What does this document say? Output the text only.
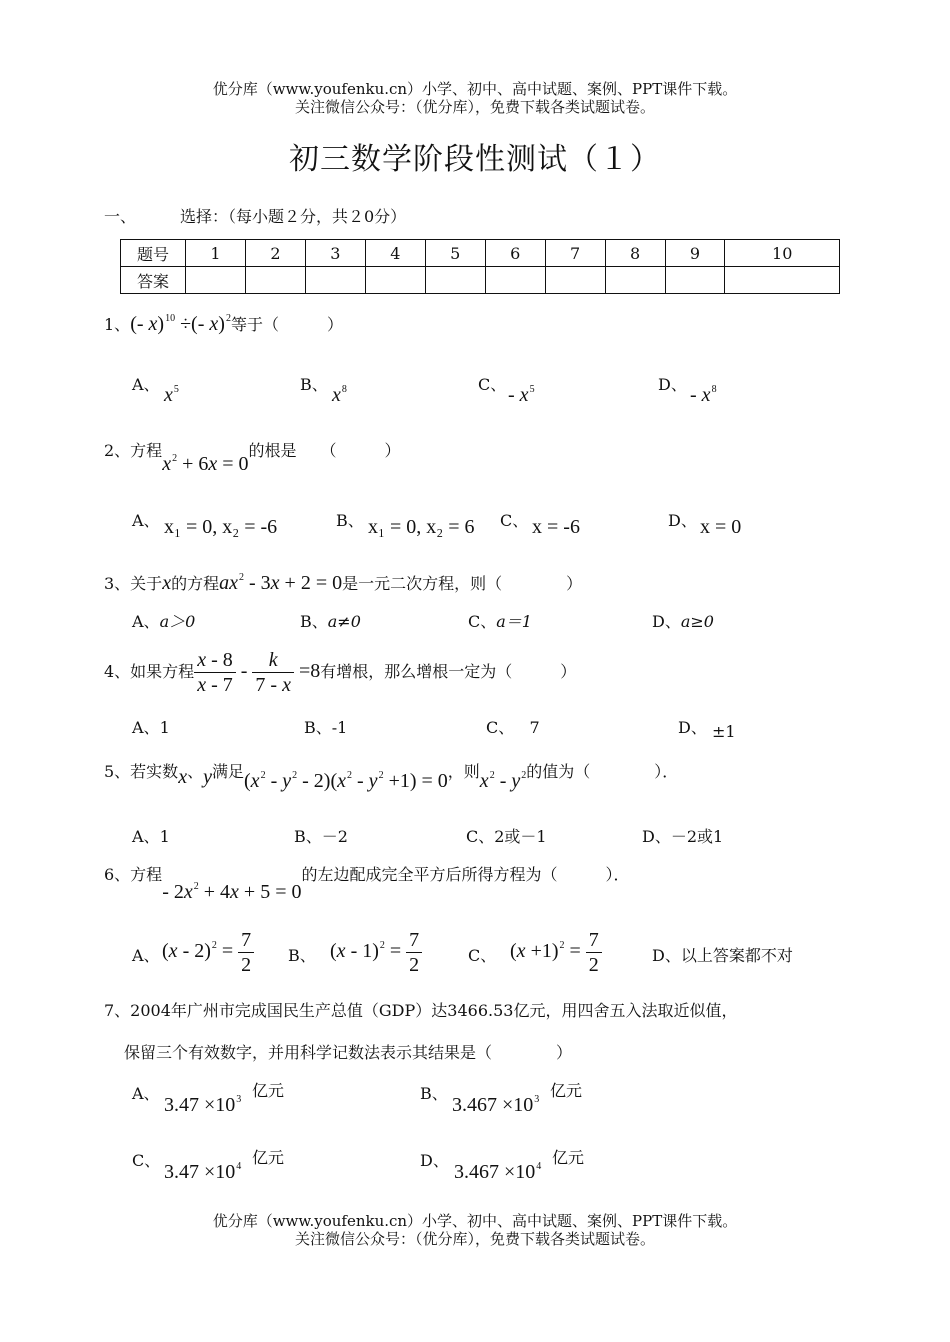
优分库（www.youfenku.cn）小学、初中、高中试题、案例、PPT课件下载。
关注微信公众号：（优分库），免费下载各类试题试卷。
初三数学阶段性测试（１）
一、	选择：（每小题２分，共２0分）
题号	1	2	3	4	5	6	7	8	9	10
答案										
1、(- x)$^{10}$ ÷(- x)$^2$等于（　　　）
A、 $x^5$	B、 $x^8$	C、 - $x^5$	D、 - $x^8$
2、方程$x^2 + 6x = 0$的根是　　（　　　）
A、 x₁ = 0, x₂ = -6	B、 x₁ = 0, x₂ = 6 C、 x = -6	D、 x = 0
3、关于x的方程$ax^2 - 3x + 2 = 0$是一元二次方程，则（　　　　）
A、a＞0	B、a≠0	C、a＝1	D、a≥0
4、如果方程 $\frac{x - 8}{x - 7} - \frac{k}{7 - x} =8$有增根，那么增根一定为（　　　）
A、1	B、-1	C、 7	D、 ±1
5、若实数x、y满足$(x^2 - y^2 - 2)(x^2 - y^2 +1) = 0$，则$x^2 - y^2$的值为（　　　　）．
A、1	B、－2	C、2或－1	D、－2或1
6、方程- $2x^2 + 4x + 5 = 0$的左边配成完全平方后所得方程为（　　　）．
A、 $(x - 2)^2 = \frac{7}{2}$ B、 $(x - 1)^2 = \frac{7}{2}$	C、 $(x +1)^2 = \frac{7}{2}$	D、以上答案都不对
7、2004年广州市完成国民生产总值（GDP）达3466.53亿元，用四舍五入法取近似值，
保留三个有效数字，并用科学记数法表示其结果是（　　　　）
A、
$3.47 \times 10^3$ 亿元	B、
$3.467 \times 10^3$ 亿元
C、
$3.47 \times 10^4$ 亿元	D、
$3.467 \times 10^4$ 亿元
优分库（www.youfenku.cn）小学、初中、高中试题、案例、PPT课件下载。
关注微信公众号：（优分库），免费下载各类试题试卷。
